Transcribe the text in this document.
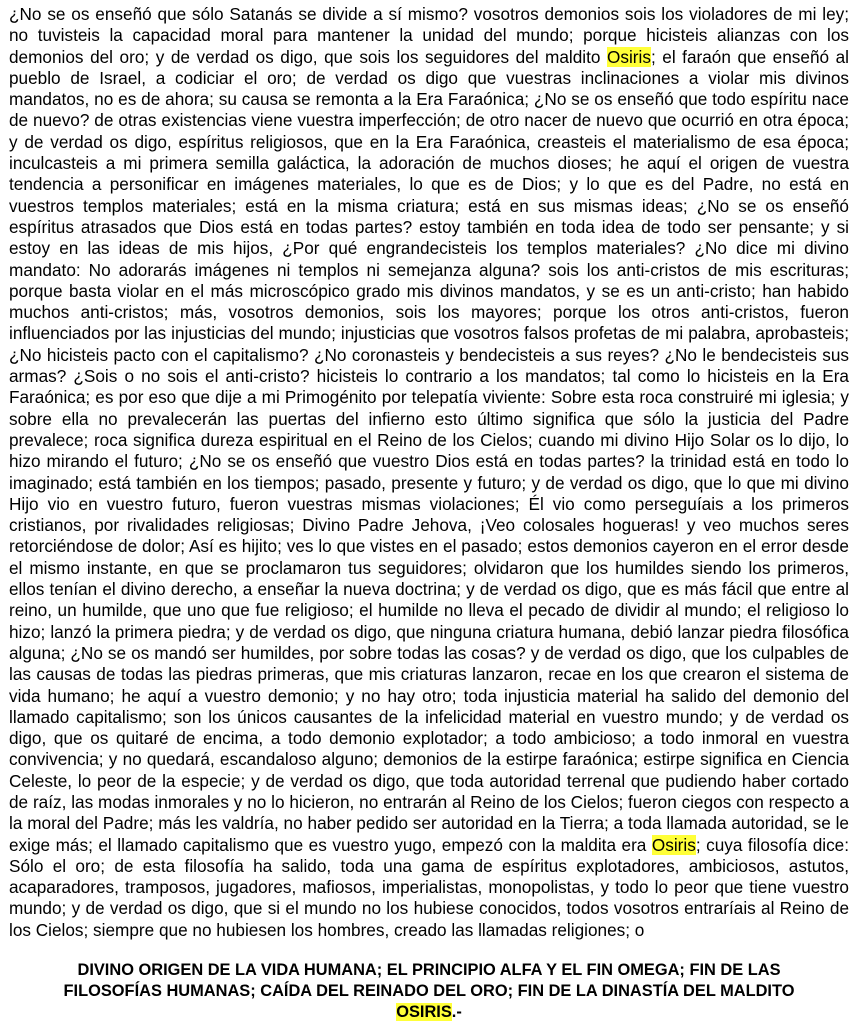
¿No se os enseñó que sólo Satanás se divide a sí mismo? vosotros demonios sois los violadores de mi ley; no tuvisteis la capacidad moral para mantener la unidad del mundo; porque hicisteis alianzas con los demonios del oro; y de verdad os digo, que sois los seguidores del maldito Osiris; el faraón que enseñó al pueblo de Israel, a codiciar el oro; de verdad os digo que vuestras inclinaciones a violar mis divinos mandatos, no es de ahora; su causa se remonta a la Era Faraónica; ¿No se os enseñó que todo espíritu nace de nuevo? de otras existencias viene vuestra imperfección; de otro nacer de nuevo que ocurrió en otra época; y de verdad os digo, espíritus religiosos, que en la Era Faraónica, creasteis el materialismo de esa época; inculcasteis a mi primera semilla galáctica, la adoración de muchos dioses; he aquí el origen de vuestra tendencia a personificar en imágenes materiales, lo que es de Dios; y lo que es del Padre, no está en vuestros templos materiales; está en la misma criatura; está en sus mismas ideas; ¿No se os enseñó espíritus atrasados que Dios está en todas partes? estoy también en toda idea de todo ser pensante; y si estoy en las ideas de mis hijos, ¿Por qué engrandecisteis los templos materiales? ¿No dice mi divino mandato: No adorarás imágenes ni templos ni semejanza alguna? sois los anti-cristos de mis escrituras; porque basta violar en el más microscópico grado mis divinos mandatos, y se es un anti-cristo; han habido muchos anti-cristos; más, vosotros demonios, sois los mayores; porque los otros anti-cristos, fueron influenciados por las injusticias del mundo; injusticias que vosotros falsos profetas de mi palabra, aprobasteis; ¿No hicisteis pacto con el capitalismo? ¿No coronasteis y bendecisteis a sus reyes? ¿No le bendecisteis sus armas? ¿Sois o no sois el anti-cristo? hicisteis lo contrario a los mandatos; tal como lo hicisteis en la Era Faraónica; es por eso que dije a mi Primogénito por telepatía viviente: Sobre esta roca construiré mi iglesia; y sobre ella no prevalecerán las puertas del infierno esto último significa que sólo la justicia del Padre prevalece; roca significa dureza espiritual en el Reino de los Cielos; cuando mi divino Hijo Solar os lo dijo, lo hizo mirando el futuro; ¿No se os enseñó que vuestro Dios está en todas partes? la trinidad está en todo lo imaginado; está también en los tiempos; pasado, presente y futuro; y de verdad os digo, que lo que mi divino Hijo vio en vuestro futuro, fueron vuestras mismas violaciones; Él vio como perseguíais a los primeros cristianos, por rivalidades religiosas; Divino Padre Jehova, ¡Veo colosales hogueras! y veo muchos seres retorciéndose de dolor; Así es hijito; ves lo que vistes en el pasado; estos demonios cayeron en el error desde el mismo instante, en que se proclamaron tus seguidores; olvidaron que los humildes siendo los primeros, ellos tenían el divino derecho, a enseñar la nueva doctrina; y de verdad os digo, que es más fácil que entre al reino, un humilde, que uno que fue religioso; el humilde no lleva el pecado de dividir al mundo; el religioso lo hizo; lanzó la primera piedra; y de verdad os digo, que ninguna criatura humana, debió lanzar piedra filosófica alguna; ¿No se os mandó ser humildes, por sobre todas las cosas? y de verdad os digo, que los culpables de las causas de todas las piedras primeras, que mis criaturas lanzaron, recae en los que crearon el sistema de vida humano; he aquí a vuestro demonio; y no hay otro; toda injusticia material ha salido del demonio del llamado capitalismo; son los únicos causantes de la infelicidad material en vuestro mundo; y de verdad os digo, que os quitaré de encima, a todo demonio explotador; a todo ambicioso; a todo inmoral en vuestra convivencia; y no quedará, escandaloso alguno; demonios de la estirpe faraónica; estirpe significa en Ciencia Celeste, lo peor de la especie; y de verdad os digo, que toda autoridad terrenal que pudiendo haber cortado de raíz, las modas inmorales y no lo hicieron, no entrarán al Reino de los Cielos; fueron ciegos con respecto a la moral del Padre; más les valdría, no haber pedido ser autoridad en la Tierra; a toda llamada autoridad, se le exige más; el llamado capitalismo que es vuestro yugo, empezó con la maldita era Osiris; cuya filosofía dice: Sólo el oro; de esta filosofía ha salido, toda una gama de espíritus explotadores, ambiciosos, astutos, acaparadores, tramposos, jugadores, mafiosos, imperialistas, monopolistas, y todo lo peor que tiene vuestro mundo; y de verdad os digo, que si el mundo no los hubiese conocidos, todos vosotros entraríais al Reino de los Cielos; siempre que no hubiesen los hombres, creado las llamadas religiones; o

DIVINO ORIGEN DE LA VIDA HUMANA; EL PRINCIPIO ALFA Y EL FIN OMEGA; FIN DE LAS FILOSOFÍAS HUMANAS; CAÍDA DEL REINADO DEL ORO; FIN DE LA DINASTÍA DEL MALDITO OSIRIS.-
